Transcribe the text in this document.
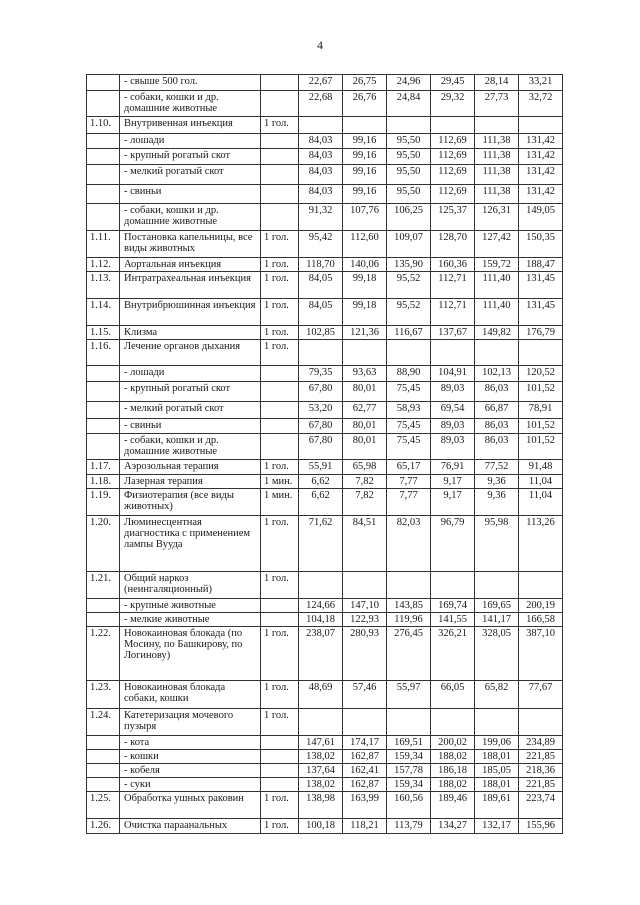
4
	- свыше 500 гол.		22,67	26,75	24,96	29,45	28,14	33,21
	- собаки, кошки и др. домашние животные		22,68	26,76	24,84	29,32	27,73	32,72
1.10.	Внутривенная инъекция	1 гол.						
	- лошади		84,03	99,16	95,50	112,69	111,38	131,42
	- крупный рогатый скот		84,03	99,16	95,50	112,69	111,38	131,42
	- мелкий рогатый скот		84,03	99,16	95,50	112,69	111,38	131,42
	- свиньи		84,03	99,16	95,50	112,69	111,38	131,42
	- собаки, кошки и др. домашние животные		91,32	107,76	106,25	125,37	126,31	149,05
1.11.	Постановка капельницы, все виды животных	1 гол.	95,42	112,60	109,07	128,70	127,42	150,35
1.12.	Аортальная инъекция	1 гол.	118,70	140,06	135,90	160,36	159,72	188,47
1.13.	Интратрахеальная инъекция	1 гол.	84,05	99,18	95,52	112,71	111,40	131,45
1.14.	Внутрибрюшинная инъекция	1 гол.	84,05	99,18	95,52	112,71	111,40	131,45
1.15.	Клизма	1 гол.	102,85	121,36	116,67	137,67	149,82	176,79
1.16.	Лечение органов дыхания	1 гол.						
	- лошади		79,35	93,63	88,90	104,91	102,13	120,52
	- крупный рогатый скот		67,80	80,01	75,45	89,03	86,03	101,52
	- мелкий рогатый скот		53,20	62,77	58,93	69,54	66,87	78,91
	- свиньи		67,80	80,01	75,45	89,03	86,03	101,52
	- собаки, кошки и др. домашние животные		67,80	80,01	75,45	89,03	86,03	101,52
1.17.	Аэрозольная терапия	1 гол.	55,91	65,98	65,17	76,91	77,52	91,48
1.18.	Лазерная терапия	1 мин.	6,62	7,82	7,77	9,17	9,36	11,04
1.19.	Физиотерапия (все виды животных)	1 мин.	6,62	7,82	7,77	9,17	9,36	11,04
1.20.	Люминесцентная диагностика с применением лампы Вууда	1 гол.	71,62	84,51	82,03	96,79	95,98	113,26
1.21.	Общий наркоз (неингаляционный)	1 гол.						
	- крупные животные		124,66	147,10	143,85	169,74	169,65	200,19
	- мелкие животные		104,18	122,93	119,96	141,55	141,17	166,58
1.22.	Новокаиновая блокада (по Мосину, по Башкирову, по Логинову)	1 гол.	238,07	280,93	276,45	326,21	328,05	387,10
1.23.	Новокаиновая блокада собаки, кошки	1 гол.	48,69	57,46	55,97	66,05	65,82	77,67
1.24.	Катетеризация мочевого пузыря	1 гол.						
	- кота		147,61	174,17	169,51	200,02	199,06	234,89
	- кошки		138,02	162,87	159,34	188,02	188,01	221,85
	- кобеля		137,64	162,41	157,78	186,18	185,05	218,36
	- суки		138,02	162,87	159,34	188,02	188,01	221,85
1.25.	Обработка ушных раковин	1 гол.	138,98	163,99	160,56	189,46	189,61	223,74
1.26.	Очистка параанальных	1 гол.	100,18	118,21	113,79	134,27	132,17	155,96
